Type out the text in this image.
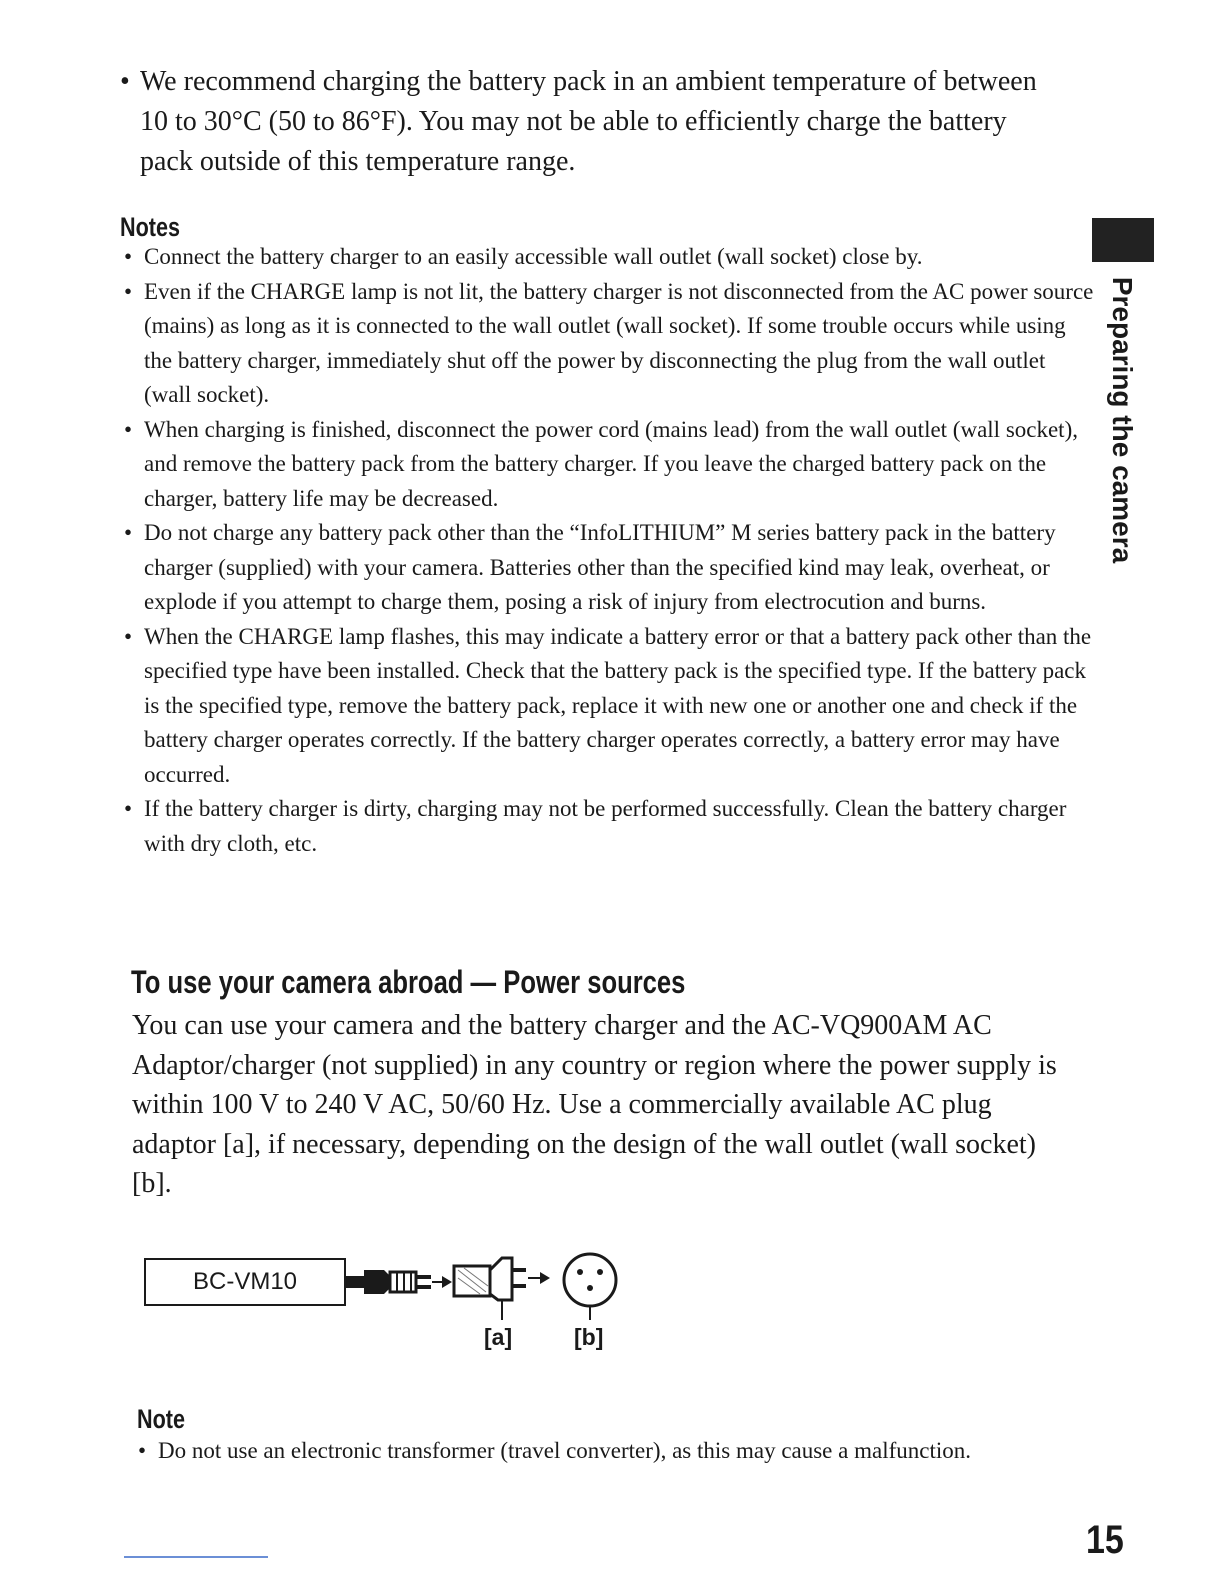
• We recommend charging the battery pack in an ambient temperature of between 10 to 30°C (50 to 86°F). You may not be able to efficiently charge the battery pack outside of this temperature range.
Notes
• Connect the battery charger to an easily accessible wall outlet (wall socket) close by.
• Even if the CHARGE lamp is not lit, the battery charger is not disconnected from the AC power source (mains) as long as it is connected to the wall outlet (wall socket). If some trouble occurs while using the battery charger, immediately shut off the power by disconnecting the plug from the wall outlet (wall socket).
• When charging is finished, disconnect the power cord (mains lead) from the wall outlet (wall socket), and remove the battery pack from the battery charger. If you leave the charged battery pack on the charger, battery life may be decreased.
• Do not charge any battery pack other than the “InfoLITHIUM” M series battery pack in the battery charger (supplied) with your camera. Batteries other than the specified kind may leak, overheat, or explode if you attempt to charge them, posing a risk of injury from electrocution and burns.
• When the CHARGE lamp flashes, this may indicate a battery error or that a battery pack other than the specified type have been installed. Check that the battery pack is the specified type. If the battery pack is the specified type, remove the battery pack, replace it with new one or another one and check if the battery charger operates correctly. If the battery charger operates correctly, a battery error may have occurred.
• If the battery charger is dirty, charging may not be performed successfully. Clean the battery charger with dry cloth, etc.
To use your camera abroad — Power sources

You can use your camera and the battery charger and the AC-VQ900AM AC Adaptor/charger (not supplied) in any country or region where the power supply is within 100 V to 240 V AC, 50/60 Hz. Use a commercially available AC plug adaptor [a], if necessary, depending on the design of the wall outlet (wall socket) [b].

BC-VM10
[a]	[b]
Note
• Do not use an electronic transformer (travel converter), as this may cause a malfunction.
Preparing the camera
15
